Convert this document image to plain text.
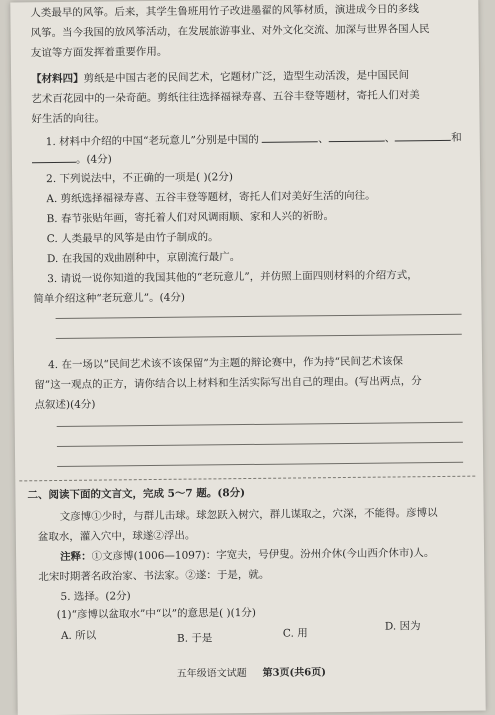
人类最早的风筝。后来，其学生鲁班用竹子改进墨翟的风筝材质，演进成今日的多线
风筝。当今我国的放风筝活动，在发展旅游事业、对外文化交流、加深与世界各国人民
友谊等方面发挥着重要作用。
【材料四】剪纸是中国古老的民间艺术，它题材广泛，造型生动活泼，是中国民间
艺术百花园中的一朵奇葩。剪纸往往选择福禄寿喜、五谷丰登等题材，寄托人们对美
好生活的向往。
1. 材料中介绍的中国“老玩意儿”分别是中国的	、	、	和
。(4分)
2. 下列说法中，不正确的一项是( )(2分)
A. 剪纸选择福禄寿喜、五谷丰登等题材，寄托人们对美好生活的向往。
B. 春节张贴年画，寄托着人们对风调雨顺、家和人兴的祈盼。
C. 人类最早的风筝是由竹子制成的。
D. 在我国的戏曲剧种中，京剧流行最广。
3. 请说一说你知道的我国其他的“老玩意儿”，并仿照上面四则材料的介绍方式，
简单介绍这种“老玩意儿”。(4分)
4. 在一场以“民间艺术该不该保留”为主题的辩论赛中，作为持“民间艺术该保
留”这一观点的正方，请你结合以上材料和生活实际写出自己的理由。(写出两点，分
点叙述)(4分)
二、阅读下面的文言文，完成 5～7 题。(8分)
文彦博①少时，与群儿击球。球忽跃入树穴，群儿谋取之，穴深，不能得。彦博以
盆取水，灌入穴中，球遂②浮出。
注释：①文彦博(1006—1097)：字宽夫，号伊叟。汾州介休(今山西介休市)人。
北宋时期著名政治家、书法家。②遂：于是，就。
5. 选择。(2分)
(1)“彦博以盆取水”中“以”的意思是( )(1分)
A. 所以	B. 于是	C. 用
D. 因为
五年级语文试题 第3页(共6页)
